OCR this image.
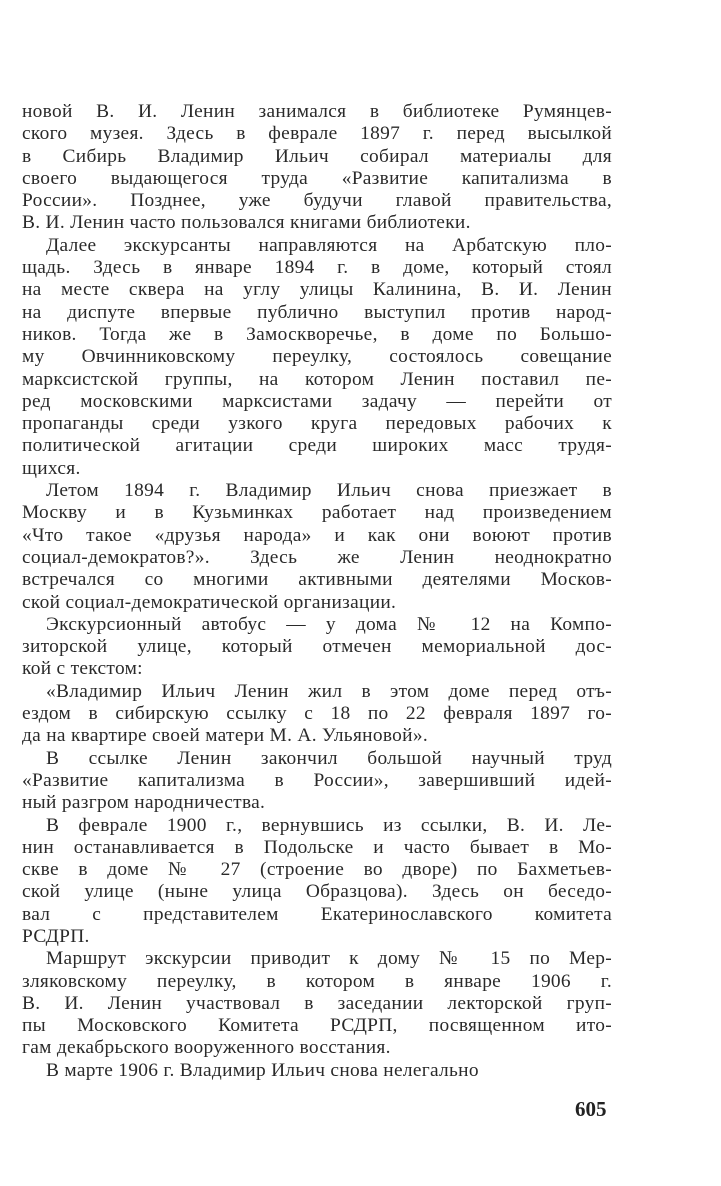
новой В. И. Ленин занимался в библиотеке Румянцев-
ского музея. Здесь в феврале 1897 г. перед высылкой
в Сибирь Владимир Ильич собирал материалы для
своего выдающегося труда «Развитие капитализма в
России». Позднее, уже будучи главой правительства,
В. И. Ленин часто пользовался книгами библиотеки.
Далее экскурсанты направляются на Арбатскую пло-
щадь. Здесь в январе 1894 г. в доме, который стоял
на месте сквера на углу улицы Калинина, В. И. Ленин
на диспуте впервые публично выступил против народ-
ников. Тогда же в Замоскворечье, в доме по Большо-
му Овчинниковскому переулку, состоялось совещание
марксистской группы, на котором Ленин поставил пе-
ред московскими марксистами задачу — перейти от
пропаганды среди узкого круга передовых рабочих к
политической агитации среди широких масс трудя-
щихся.
Летом 1894 г. Владимир Ильич снова приезжает в
Москву и в Кузьминках работает над произведением
«Что такое «друзья народа» и как они воюют против
социал-демократов?». Здесь же Ленин неоднократно
встречался со многими активными деятелями Москов-
ской социал-демократической организации.
Экскурсионный автобус — у дома № 12 на Компо-
зиторской улице, который отмечен мемориальной дос-
кой с текстом:
«Владимир Ильич Ленин жил в этом доме перед отъ-
ездом в сибирскую ссылку с 18 по 22 февраля 1897 го-
да на квартире своей матери М. А. Ульяновой».
В ссылке Ленин закончил большой научный труд
«Развитие капитализма в России», завершивший идей-
ный разгром народничества.
В феврале 1900 г., вернувшись из ссылки, В. И. Ле-
нин останавливается в Подольске и часто бывает в Мо-
скве в доме № 27 (строение во дворе) по Бахметьев-
ской улице (ныне улица Образцова). Здесь он беседо-
вал с представителем Екатеринославского комитета
РСДРП.
Маршрут экскурсии приводит к дому № 15 по Мер-
зляковскому переулку, в котором в январе 1906 г.
В. И. Ленин участвовал в заседании лекторской груп-
пы Московского Комитета РСДРП, посвященном ито-
гам декабрьского вооруженного восстания.
В марте 1906 г. Владимир Ильич снова нелегально
605
